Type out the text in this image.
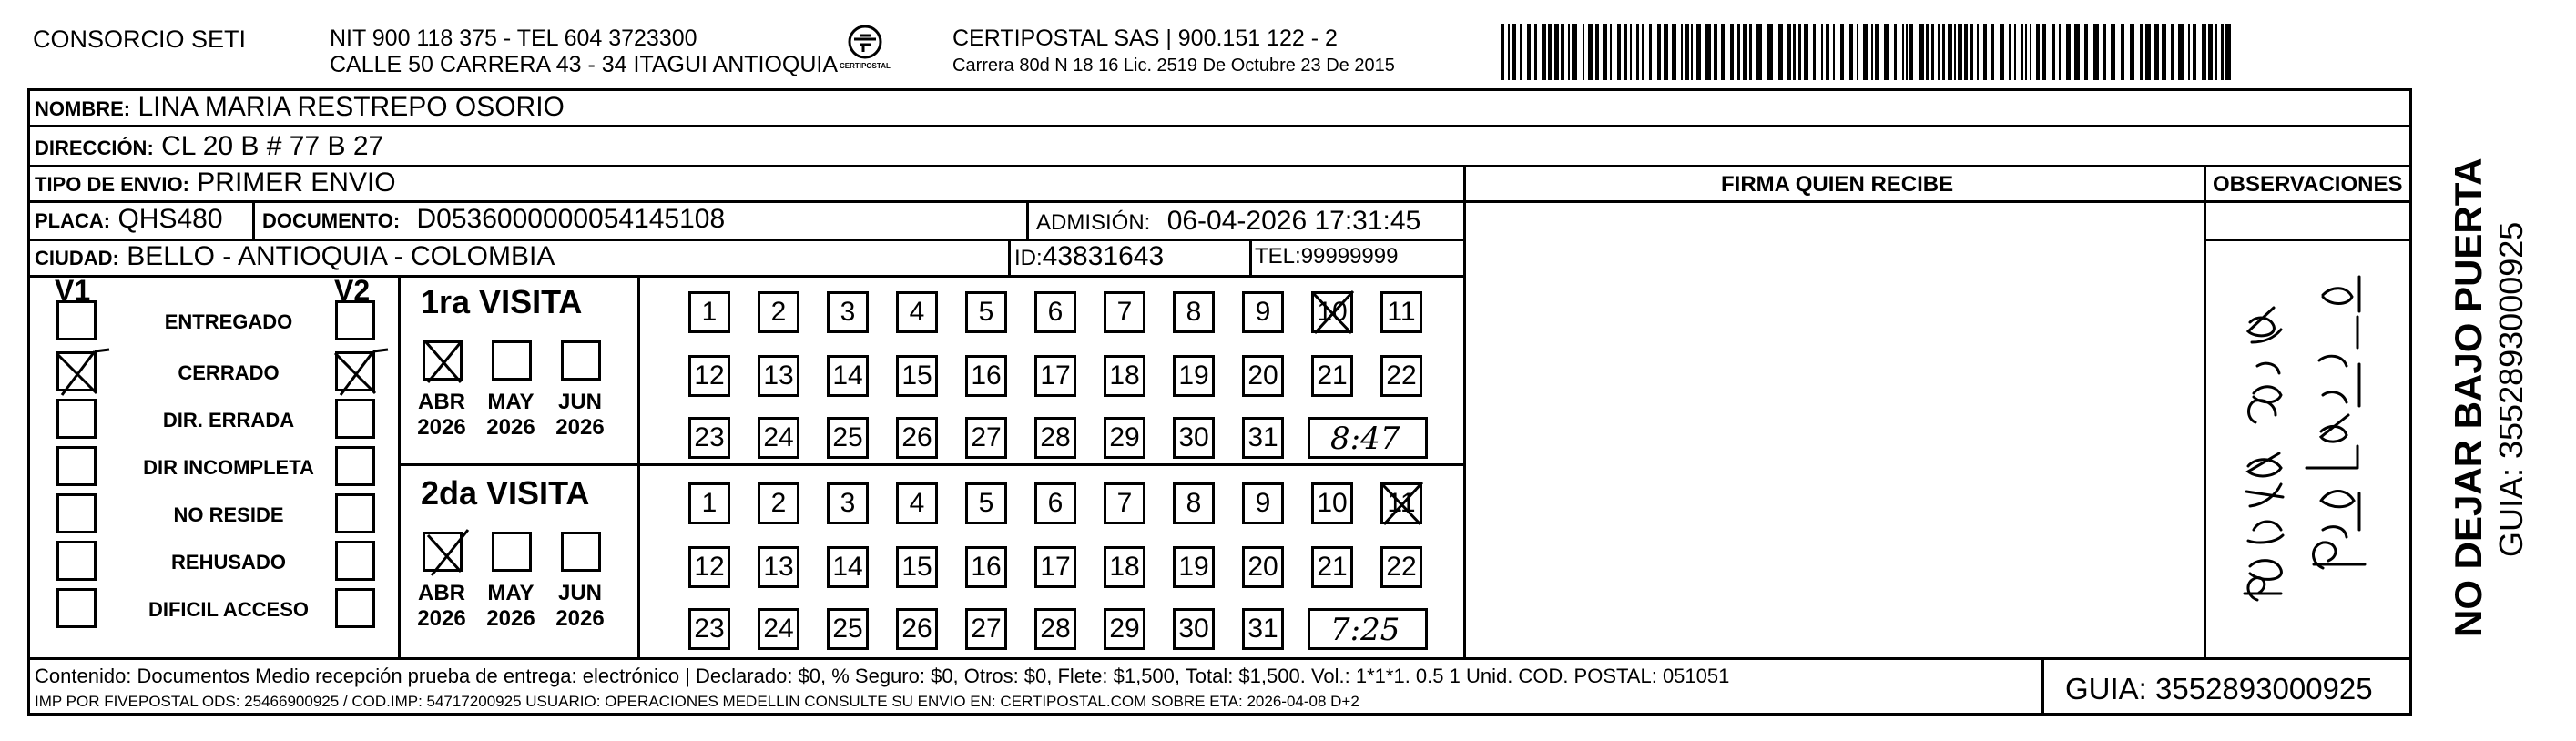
CONSORCIO SETI	NIT 900 118 375 - TEL 604 3723300
CALLE 50 CARRERA 43 - 34 ITAGUI ANTIOQUIA CERTIPOSTAL
CERTIPOSTAL SAS | 900.151 122 - 2
Carrera 80d N 18 16 Lic. 2519 De Octubre 23 De 2015
NOMBRE: LINA MARIA RESTREPO OSORIO
DIRECCIÓN: CL 20 B # 77 B 27
TIPO DE ENVIO: PRIMER ENVIO
PLACA: QHS480 DOCUMENTO: D0536000000054145108	ADMISIÓN: 06-04-2026 17:31:45
CIUDAD: BELLO - ANTIOQUIA - COLOMBIA	ID:43831643	TEL:99999999
FIRMA QUIEN RECIBE	OBSERVACIONES
V1	V2
ENTREGADO
CERRADO
DIR. ERRADA
DIR INCOMPLETA
NO RESIDE
REHUSADO
DIFICIL ACCESO
1ra VISITA
ABR
2026
MAY
2026
JUN
2026
1 2 3 4 5 6 7 8 9 10 11
12 13 14 15 16 17 18 19 20 21 22
23 24 25 26 27 28 29 30 31 8:47
2da VISITA
ABR
2026
MAY
2026
JUN
2026
1 2 3 4 5 6 7 8 9 10 11
12 13 14 15 16 17 18 19 20 21 22
23 24 25 26 27 28 29 30 31 7:25	NO DEJAR BAJO PUERTA GUIA: 3552893000925
Contenido: Documentos Medio recepción prueba de entrega: electrónico | Declarado: $0, % Seguro: $0, Otros: $0, Flete: $1,500, Total: $1,500. Vol.: 1*1*1. 0.5 1 Unid. COD. POSTAL: 051051
IMP POR FIVEPOSTAL ODS: 25466900925 / COD.IMP: 54717200925 USUARIO: OPERACIONES MEDELLIN CONSULTE SU ENVIO EN: CERTIPOSTAL.COM SOBRE ETA: 2026-04-08 D+2	GUIA: 3552893000925
